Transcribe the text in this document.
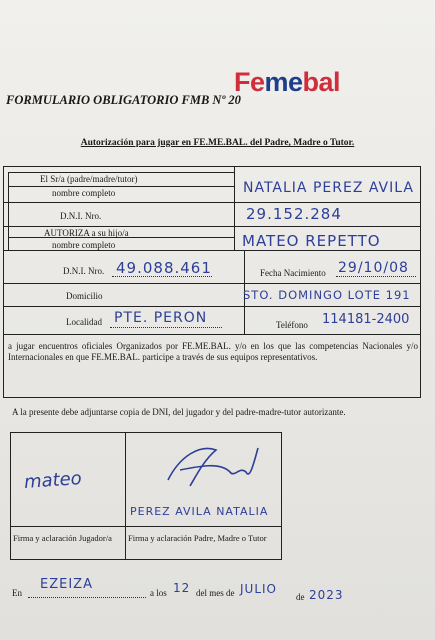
Femebal
FORMULARIO OBLIGATORIO FMB Nº 20
Autorización para jugar en FE.ME.BAL. del Padre, Madre o Tutor.
El Sr/a (padre/madre/tutor)
nombre completo	NATALIA PEREZ AVILA
D.N.I. Nro.	29.152.284
AUTORIZA a su hijo/a
nombre completo	MATEO REPETTO
D.N.I. Nro. 49.088.461	Fecha Nacimiento 29/10/08
Domicilio	STO. DOMINGO LOTE 191
Localidad PTE. PERON	Teléfono 114181-2400
a jugar encuentros oficiales Organizados por FE.ME.BAL. y/o en los que las competencias Nacionales y/o Internacionales en que FE.ME.BAL. participe a través de sus equipos representativos.
A la presente debe adjuntarse copia de DNI, del jugador y del padre-madre-tutor autorizante.
mateo
PEREZ AVILA NATALIA
Firma y aclaración Jugador/a Firma y aclaración Padre, Madre o Tutor
En
EZEIZA
a los 12 del mes de JULIO
de 2023
